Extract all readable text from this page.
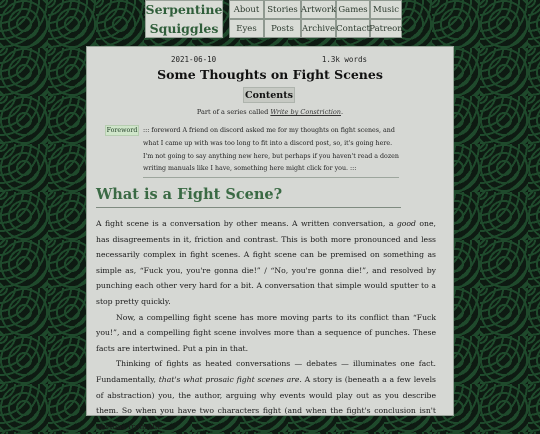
Serpentine
Squiggles
About Stories Artwork Games Music
Eyes	Posts Archive Contact Patreon
2021-06-10	1.3k words
Some Thoughts on Fight Scenes
Contents
Part of a series called Write by Constriction.
Foreword ::: foreword A friend on discord asked me for my thoughts on fight scenes, and what I came up with was too long to fit into a discord post, so, it's going here. I'm not going to say anything new here, but perhaps if you haven't read a dozen writing manuals like I have, something here might click for you. :::
What is a Fight Scene?

A fight scene is a conversation by other means. A written conversation, a good one, has disagreements in it, friction and contrast. This is both more pronounced and less necessarily complex in fight scenes. A fight scene can be premised on something as simple as, “Fuck you, you're gonna die!” / “No, you're gonna die!”, and resolved by punching each other very hard for a bit. A conversation that simple would sputter to a stop pretty quickly.

Now, a compelling fight scene has more moving parts to its conflict than “Fuck you!”, and a compelling fight scene involves more than a sequence of punches. These facts are intertwined. Put a pin in that.

Thinking of fights as heated conversations — debates — illuminates one fact. Fundamentally, that's what prosaic fight scenes are. A story is (beneath a a few levels of abstraction) you, the author, arguing why events would play out as you describe them. So when you have two characters fight (and when the fight's conclusion isn't obvious from the
